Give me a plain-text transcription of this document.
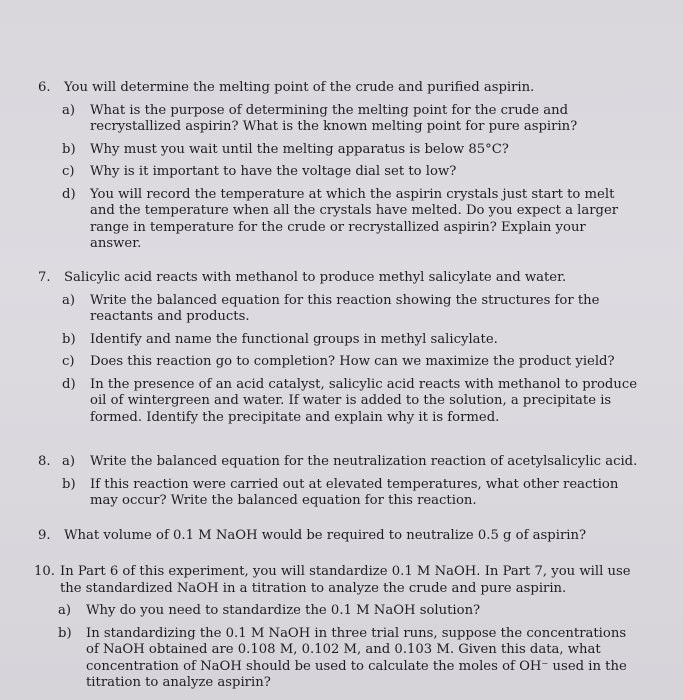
6. You will determine the melting point of the crude and purified aspirin.
a) What is the purpose of determining the melting point for the crude and recrystallized aspirin? What is the known melting point for pure aspirin?
b) Why must you wait until the melting apparatus is below 85°C?
c) Why is it important to have the voltage dial set to low?
d) You will record the temperature at which the aspirin crystals just start to melt and the temperature when all the crystals have melted. Do you expect a larger range in temperature for the crude or recrystallized aspirin? Explain your answer.
7. Salicylic acid reacts with methanol to produce methyl salicylate and water.
a) Write the balanced equation for this reaction showing the structures for the reactants and products.
b) Identify and name the functional groups in methyl salicylate.
c) Does this reaction go to completion? How can we maximize the product yield?
d) In the presence of an acid catalyst, salicylic acid reacts with methanol to produce oil of wintergreen and water. If water is added to the solution, a precipitate is formed. Identify the precipitate and explain why it is formed.
8. a) Write the balanced equation for the neutralization reaction of acetylsalicylic acid.
b) If this reaction were carried out at elevated temperatures, what other reaction may occur? Write the balanced equation for this reaction.
9. What volume of 0.1 M NaOH would be required to neutralize 0.5 g of aspirin?
10. In Part 6 of this experiment, you will standardize 0.1 M NaOH. In Part 7, you will use the standardized NaOH in a titration to analyze the crude and pure aspirin.
a) Why do you need to standardize the 0.1 M NaOH solution?
b) In standardizing the 0.1 M NaOH in three trial runs, suppose the concentrations of NaOH obtained are 0.108 M, 0.102 M, and 0.103 M. Given this data, what concentration of NaOH should be used to calculate the moles of OH⁻ used in the titration to analyze aspirin?
